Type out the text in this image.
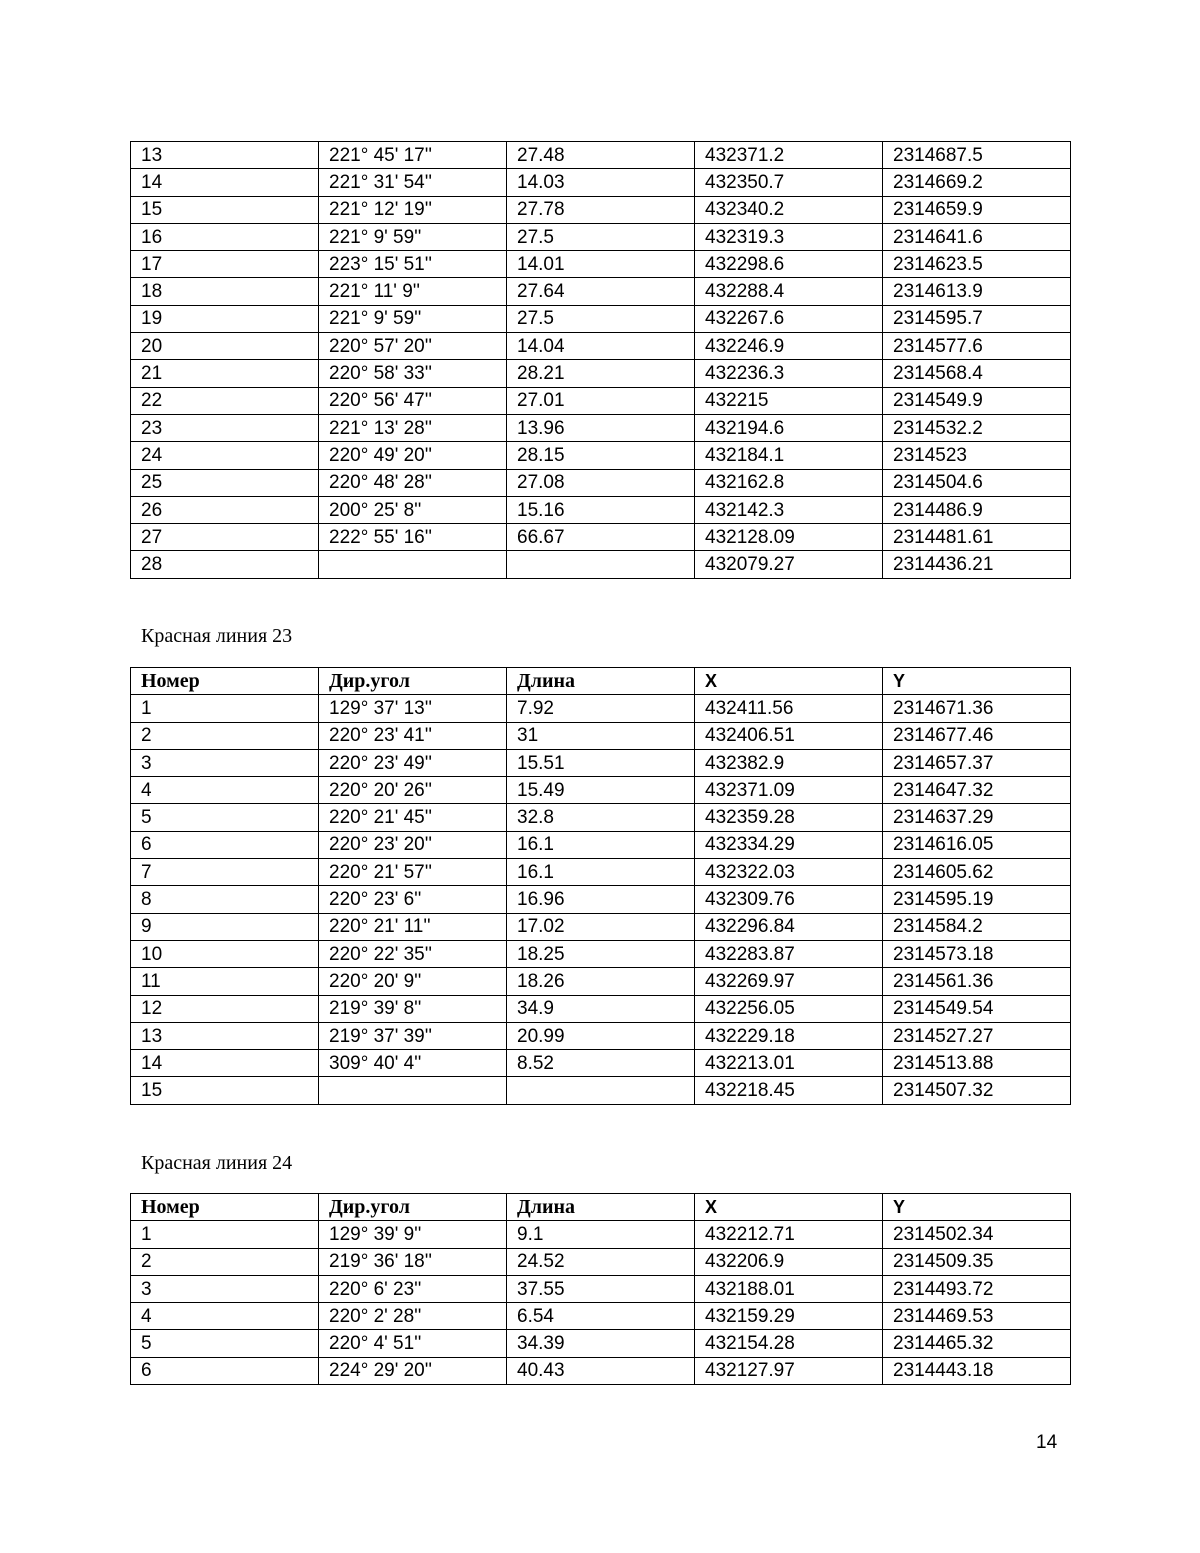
13	221° 45' 17''	27.48	432371.2	2314687.5
14	221° 31' 54''	14.03	432350.7	2314669.2
15	221° 12' 19''	27.78	432340.2	2314659.9
16	221° 9' 59''	27.5	432319.3	2314641.6
17	223° 15' 51''	14.01	432298.6	2314623.5
18	221° 11' 9''	27.64	432288.4	2314613.9
19	221° 9' 59''	27.5	432267.6	2314595.7
20	220° 57' 20''	14.04	432246.9	2314577.6
21	220° 58' 33''	28.21	432236.3	2314568.4
22	220° 56' 47''	27.01	432215	2314549.9
23	221° 13' 28''	13.96	432194.6	2314532.2
24	220° 49' 20''	28.15	432184.1	2314523
25	220° 48' 28''	27.08	432162.8	2314504.6
26	200° 25' 8''	15.16	432142.3	2314486.9
27	222° 55' 16''	66.67	432128.09	2314481.61
28			432079.27	2314436.21
Красная линия 23
Номер	Дир.угол	Длина	X	Y
1	129° 37' 13''	7.92	432411.56	2314671.36
2	220° 23' 41''	31	432406.51	2314677.46
3	220° 23' 49''	15.51	432382.9	2314657.37
4	220° 20' 26''	15.49	432371.09	2314647.32
5	220° 21' 45''	32.8	432359.28	2314637.29
6	220° 23' 20''	16.1	432334.29	2314616.05
7	220° 21' 57''	16.1	432322.03	2314605.62
8	220° 23' 6''	16.96	432309.76	2314595.19
9	220° 21' 11''	17.02	432296.84	2314584.2
10	220° 22' 35''	18.25	432283.87	2314573.18
11	220° 20' 9''	18.26	432269.97	2314561.36
12	219° 39' 8''	34.9	432256.05	2314549.54
13	219° 37' 39''	20.99	432229.18	2314527.27
14	309° 40' 4''	8.52	432213.01	2314513.88
15			432218.45	2314507.32
Красная линия 24
Номер	Дир.угол	Длина	X	Y
1	129° 39' 9''	9.1	432212.71	2314502.34
2	219° 36' 18''	24.52	432206.9	2314509.35
3	220° 6' 23''	37.55	432188.01	2314493.72
4	220° 2' 28''	6.54	432159.29	2314469.53
5	220° 4' 51''	34.39	432154.28	2314465.32
6	224° 29' 20''	40.43	432127.97	2314443.18
14
